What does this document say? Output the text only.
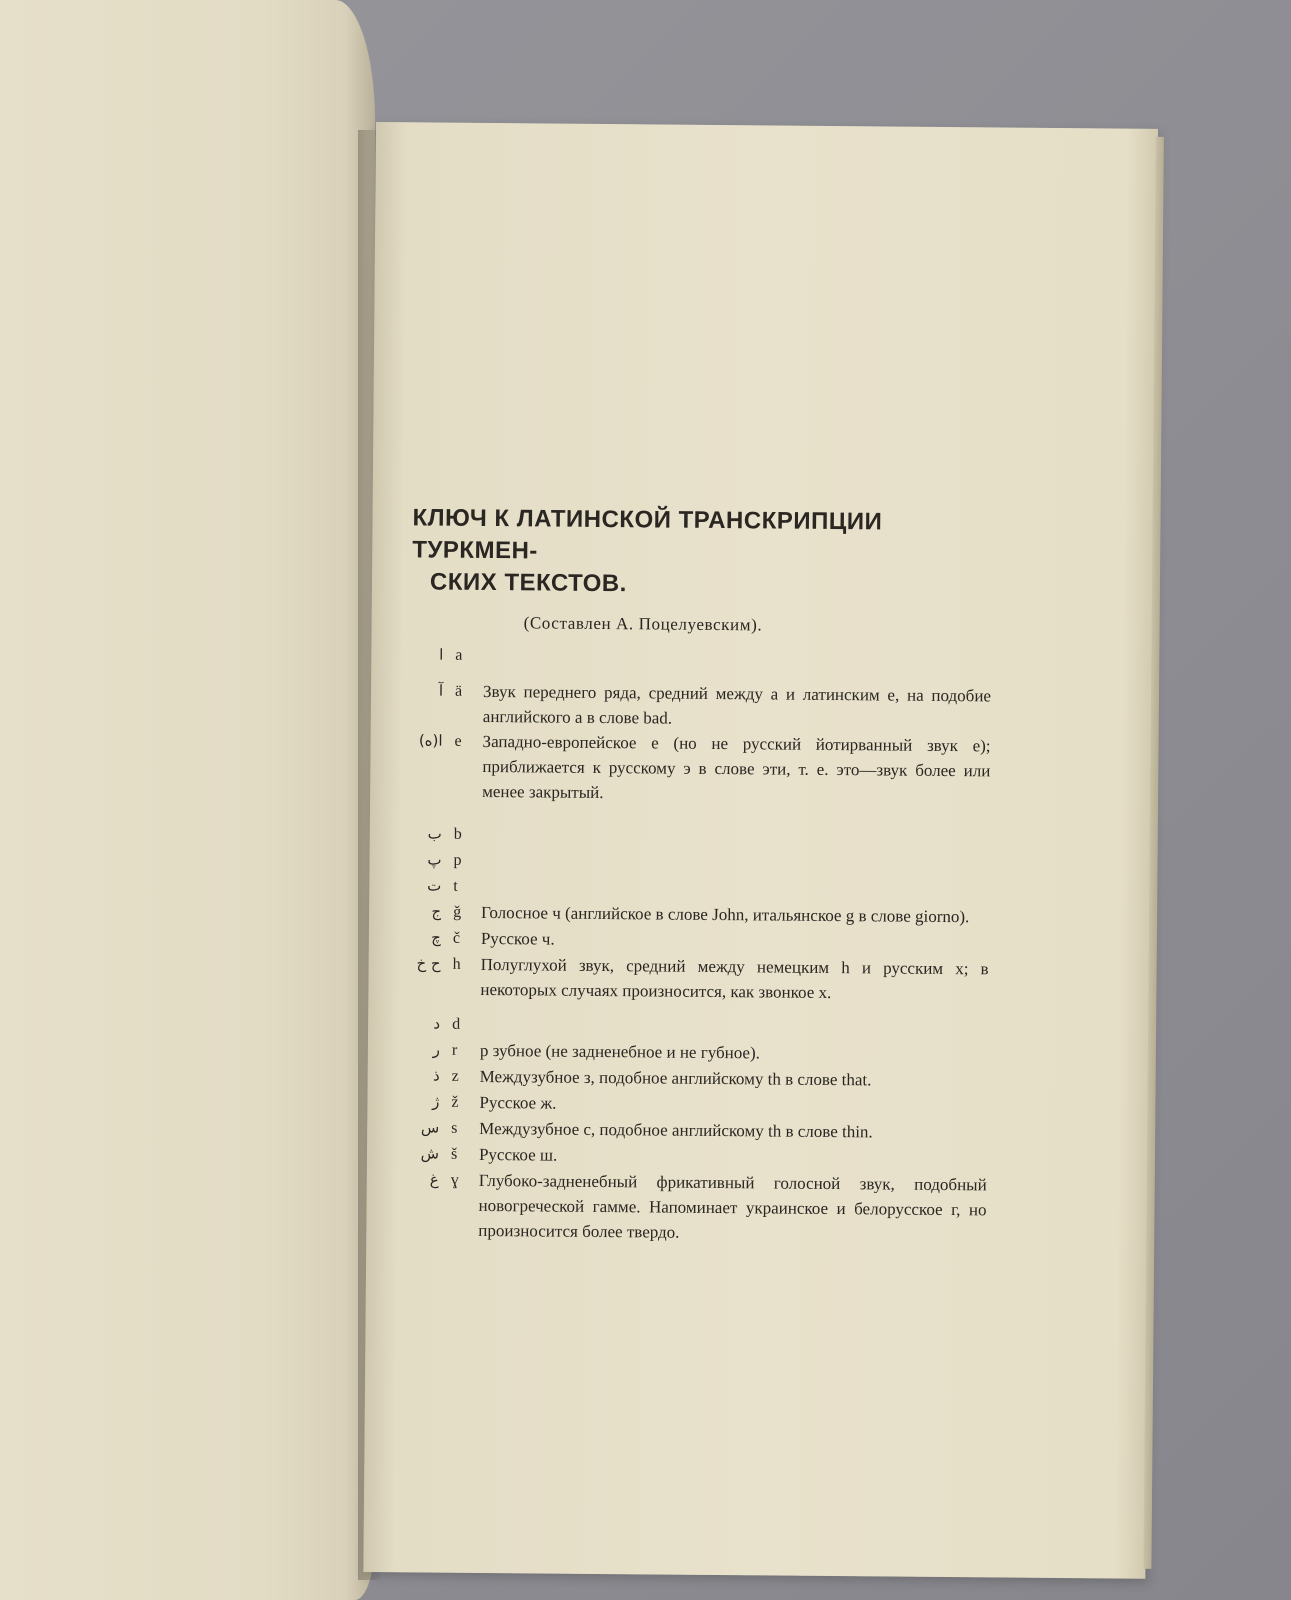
КЛЮЧ К ЛАТИНСКОЙ ТРАНСКРИПЦИИ ТУРКМЕН-
СКИХ ТЕКСТОВ.

(Составлен А. Поцелуевским).

ا a
آ ä Звук переднего ряда, средний между a и латинским e, на подобие английского a в слове bad.
ا(ه) e Западно-европейское e (но не русский йотирванный звук e); приближается к русскому э в слове эти, т. е. это—звук более или менее закрытый.
ب b
پ p
ت t
ج ǧ Голосное ч (английское в слове John, итальянское g в слове giorno).
چ č Русское ч.
ح خ h Полуглухой звук, средний между немецким h и русским x; в некоторых случаях произносится, как звонкое x.
د d
ر r р зубное (не задненебное и не губное).
ذ z Междузубное з, подобное английскому th в слове that.
ژ ž Русское ж.
س s Междузубное с, подобное английскому th в слове thin.
ش š Русское ш.
غ ɣ Глубоко-задненебный фрикативный голосной звук, подобный новогреческой гамме. Напоминает украинское и белорусское г, но произносится более твердо.
